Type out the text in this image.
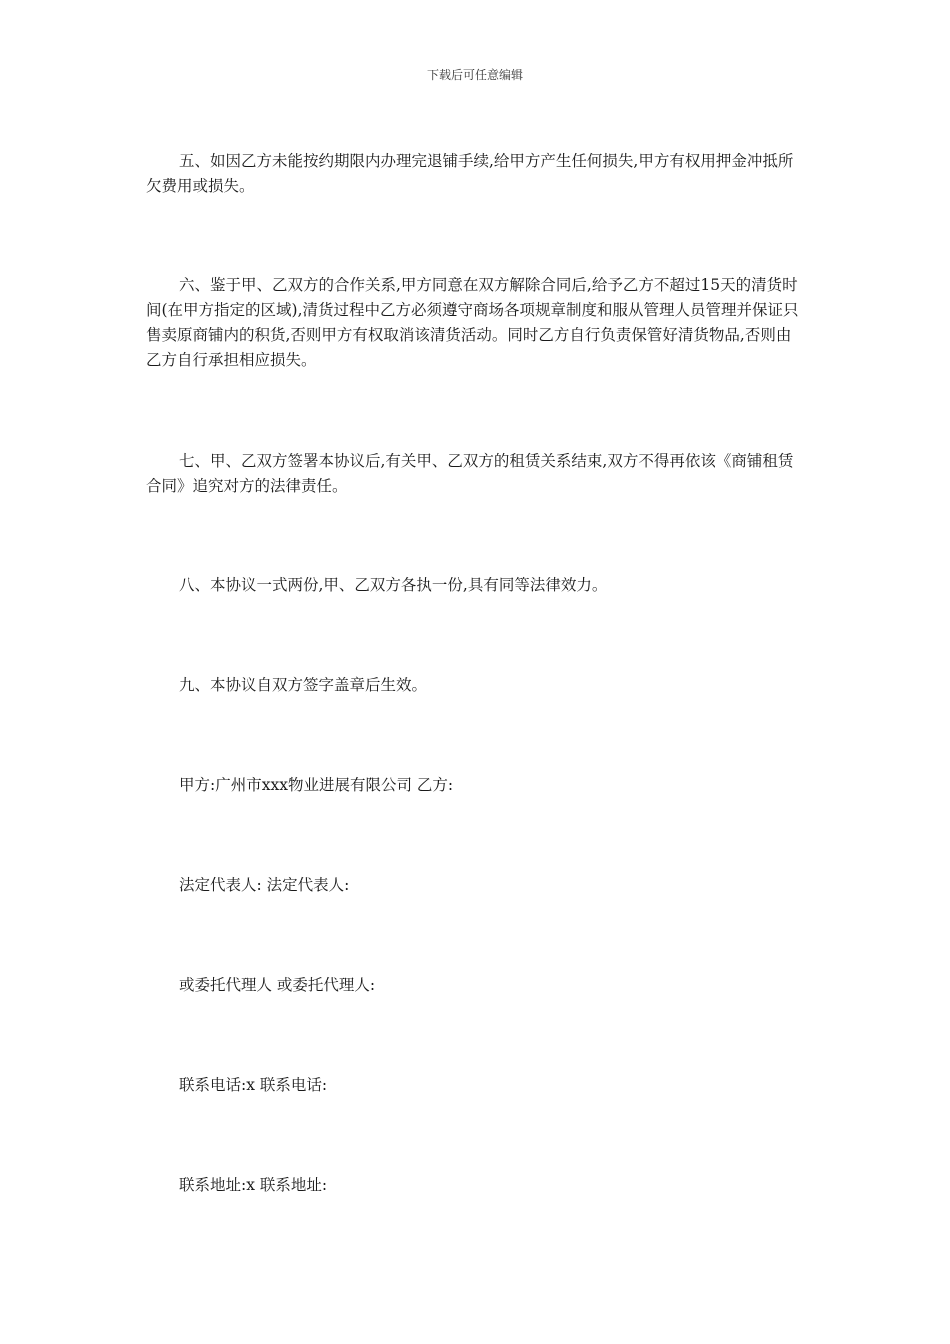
下载后可任意编辑

五、如因乙方未能按约期限内办理完退铺手续,给甲方产生任何损失,甲方有权用押金冲抵所欠费用或损失。

六、鉴于甲、乙双方的合作关系,甲方同意在双方解除合同后,给予乙方不超过15天的清货时间(在甲方指定的区域),清货过程中乙方必须遵守商场各项规章制度和服从管理人员管理并保证只售卖原商铺内的积货,否则甲方有权取消该清货活动。同时乙方自行负责保管好清货物品,否则由乙方自行承担相应损失。

七、甲、乙双方签署本协议后,有关甲、乙双方的租赁关系结束,双方不得再依该《商铺租赁合同》追究对方的法律责任。

八、本协议一式两份,甲、乙双方各执一份,具有同等法律效力。

九、本协议自双方签字盖章后生效。

甲方:广州市xxx物业进展有限公司 乙方:

法定代表人: 法定代表人:

或委托代理人 或委托代理人:

联系电话:x 联系电话:

联系地址:x 联系地址:
